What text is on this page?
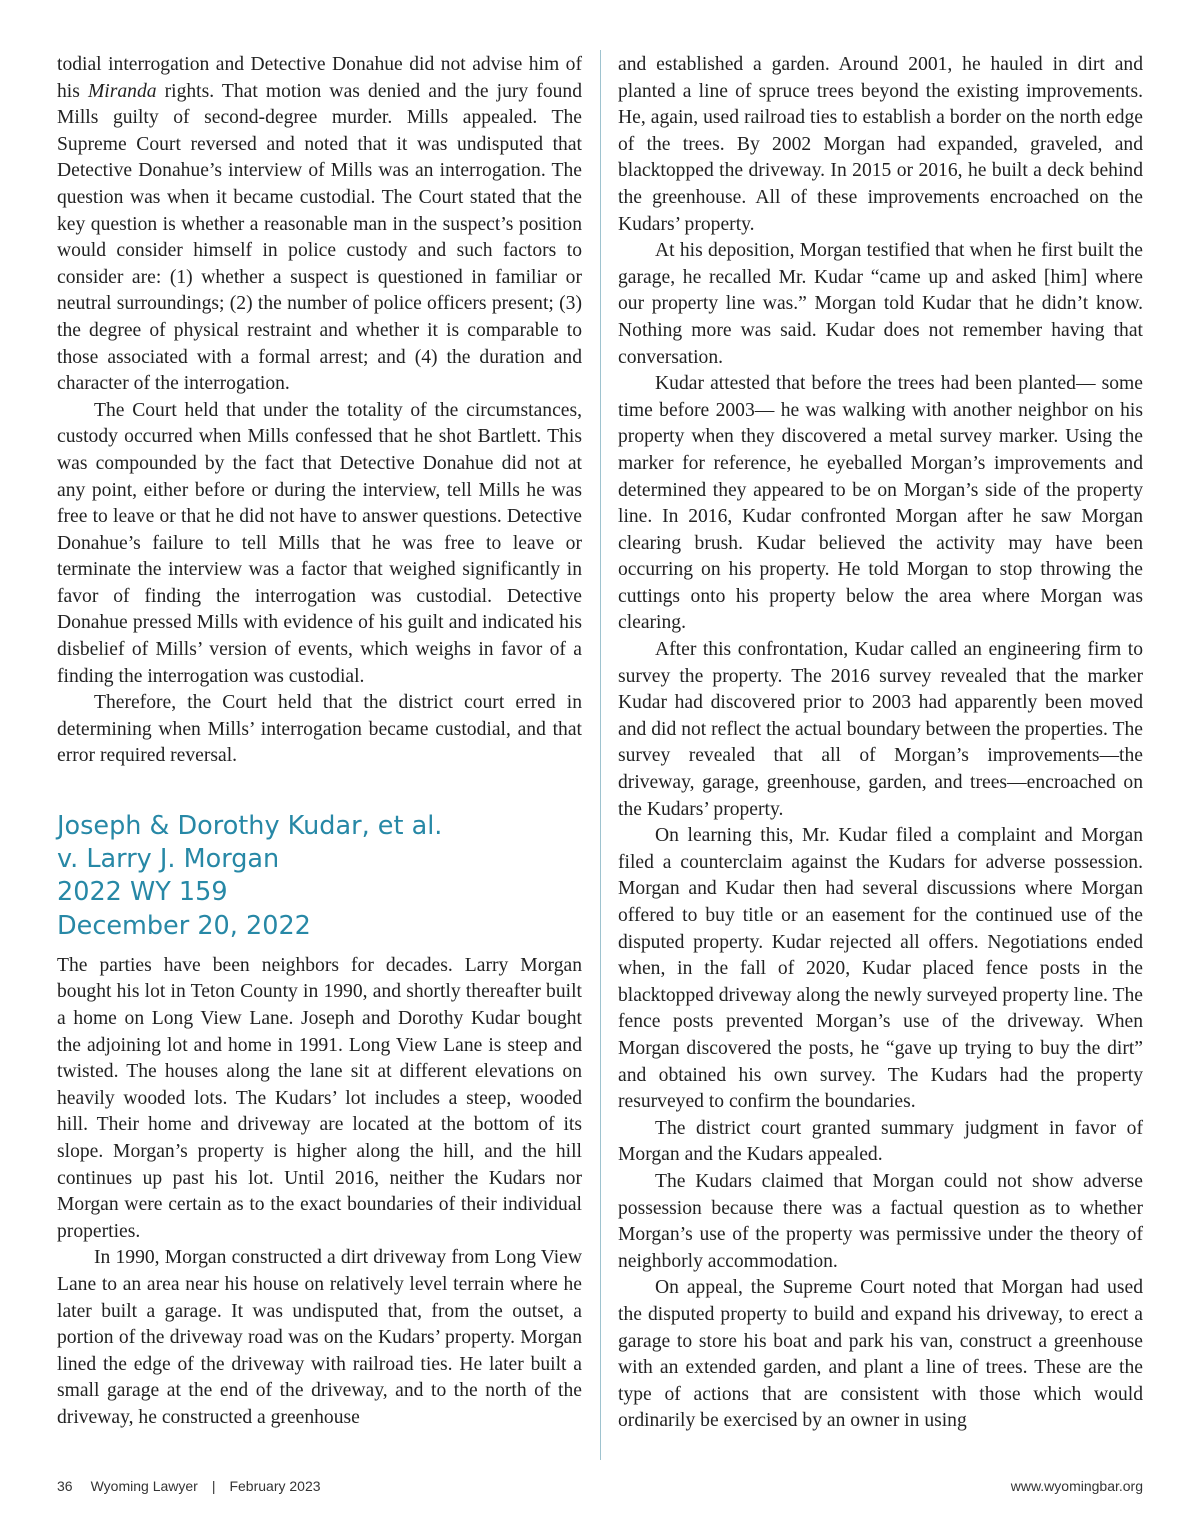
todial interrogation and Detective Donahue did not advise him of his Miranda rights. That motion was denied and the jury found Mills guilty of second-degree murder. Mills appealed. The Supreme Court reversed and noted that it was undisputed that Detective Donahue’s interview of Mills was an interrogation. The question was when it became custodial. The Court stated that the key question is whether a reasonable man in the suspect’s position would consider himself in police custody and such factors to consider are: (1) whether a suspect is questioned in familiar or neutral surroundings; (2) the number of police officers present; (3) the degree of physical restraint and whether it is comparable to those associated with a formal arrest; and (4) the duration and character of the interrogation.

The Court held that under the totality of the circumstances, custody occurred when Mills confessed that he shot Bartlett. This was compounded by the fact that Detective Donahue did not at any point, either before or during the interview, tell Mills he was free to leave or that he did not have to answer questions. Detective Donahue’s failure to tell Mills that he was free to leave or terminate the interview was a factor that weighed significantly in favor of finding the interrogation was custodial. Detective Donahue pressed Mills with evidence of his guilt and indicated his disbelief of Mills’ version of events, which weighs in favor of a finding the interrogation was custodial.

Therefore, the Court held that the district court erred in determining when Mills’ interrogation became custodial, and that error required reversal.

Joseph & Dorothy Kudar, et al.
v. Larry J. Morgan
2022 WY 159
December 20, 2022

The parties have been neighbors for decades. Larry Morgan bought his lot in Teton County in 1990, and shortly thereafter built a home on Long View Lane. Joseph and Dorothy Kudar bought the adjoining lot and home in 1991. Long View Lane is steep and twisted. The houses along the lane sit at different elevations on heavily wooded lots. The Kudars’ lot includes a steep, wooded hill. Their home and driveway are located at the bottom of its slope. Morgan’s property is higher along the hill, and the hill continues up past his lot. Until 2016, neither the Kudars nor Morgan were certain as to the exact boundaries of their individual properties.

In 1990, Morgan constructed a dirt driveway from Long View Lane to an area near his house on relatively level terrain where he later built a garage. It was undisputed that, from the outset, a portion of the driveway road was on the Kudars’ property. Morgan lined the edge of the driveway with railroad ties. He later built a small garage at the end of the driveway, and to the north of the driveway, he constructed a greenhouse

and established a garden. Around 2001, he hauled in dirt and planted a line of spruce trees beyond the existing improvements. He, again, used railroad ties to establish a border on the north edge of the trees. By 2002 Morgan had expanded, graveled, and blacktopped the driveway. In 2015 or 2016, he built a deck behind the greenhouse. All of these improvements encroached on the Kudars’ property.

At his deposition, Morgan testified that when he first built the garage, he recalled Mr. Kudar “came up and asked [him] where our property line was.” Morgan told Kudar that he didn’t know. Nothing more was said. Kudar does not remember having that conversation.

Kudar attested that before the trees had been planted— some time before 2003— he was walking with another neighbor on his property when they discovered a metal survey marker. Using the marker for reference, he eyeballed Morgan’s improvements and determined they appeared to be on Morgan’s side of the property line. In 2016, Kudar confronted Morgan after he saw Morgan clearing brush. Kudar believed the activity may have been occurring on his property. He told Morgan to stop throwing the cuttings onto his property below the area where Morgan was clearing.

After this confrontation, Kudar called an engineering firm to survey the property. The 2016 survey revealed that the marker Kudar had discovered prior to 2003 had apparently been moved and did not reflect the actual boundary between the properties. The survey revealed that all of Morgan’s improvements—the driveway, garage, greenhouse, garden, and trees—encroached on the Kudars’ property.

On learning this, Mr. Kudar filed a complaint and Morgan filed a counterclaim against the Kudars for adverse possession. Morgan and Kudar then had several discussions where Morgan offered to buy title or an easement for the continued use of the disputed property. Kudar rejected all offers. Negotiations ended when, in the fall of 2020, Kudar placed fence posts in the blacktopped driveway along the newly surveyed property line. The fence posts prevented Morgan’s use of the driveway. When Morgan discovered the posts, he “gave up trying to buy the dirt” and obtained his own survey. The Kudars had the property resurveyed to confirm the boundaries.

The district court granted summary judgment in favor of Morgan and the Kudars appealed.

The Kudars claimed that Morgan could not show adverse possession because there was a factual question as to whether Morgan’s use of the property was permissive under the theory of neighborly accommodation.

On appeal, the Supreme Court noted that Morgan had used the disputed property to build and expand his driveway, to erect a garage to store his boat and park his van, construct a greenhouse with an extended garden, and plant a line of trees. These are the type of actions that are consistent with those which would ordinarily be exercised by an owner in using

36 Wyoming Lawyer | February 2023	www.wyomingbar.org
